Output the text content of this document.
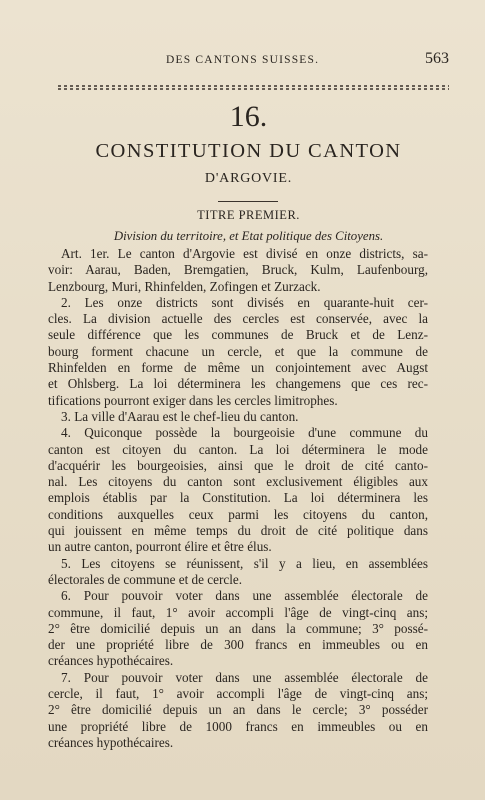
DES CANTONS SUISSES.	563
16.
CONSTITUTION DU CANTON
D'ARGOVIE.
TITRE PREMIER.
Division du territoire, et Etat politique des Citoyens.
Art. 1er. Le canton d'Argovie est divisé en onze districts, sa-
voir: Aarau, Baden, Bremgatien, Bruck, Kulm, Laufenbourg,
Lenzbourg, Muri, Rhinfelden, Zofingen et Zurzack.
2. Les onze districts sont divisés en quarante-huit cer-
cles. La division actuelle des cercles est conservée, avec la
seule différence que les communes de Bruck et de Lenz-
bourg forment chacune un cercle, et que la commune de
Rhinfelden en forme de même un conjointement avec Augst
et Ohlsberg. La loi déterminera les changemens que ces rec-
tifications pourront exiger dans les cercles limitrophes.
3. La ville d'Aarau est le chef-lieu du canton.
4. Quiconque possède la bourgeoisie d'une commune du
canton est citoyen du canton. La loi déterminera le mode
d'acquérir les bourgeoisies, ainsi que le droit de cité canto-
nal. Les citoyens du canton sont exclusivement éligibles aux
emplois établis par la Constitution. La loi déterminera les
conditions auxquelles ceux parmi les citoyens du canton,
qui jouissent en même temps du droit de cité politique dans
un autre canton, pourront élire et être élus.
5. Les citoyens se réunissent, s'il y a lieu, en assemblées
électorales de commune et de cercle.
6. Pour pouvoir voter dans une assemblée électorale de
commune, il faut, 1° avoir accompli l'âge de vingt-cinq ans;
2° être domicilié depuis un an dans la commune; 3° possé-
der une propriété libre de 300 francs en immeubles ou en
créances hypothécaires.
7. Pour pouvoir voter dans une assemblée électorale de
cercle, il faut, 1° avoir accompli l'âge de vingt-cinq ans;
2° être domicilié depuis un an dans le cercle; 3° posséder
une propriété libre de 1000 francs en immeubles ou en
créances hypothécaires.
